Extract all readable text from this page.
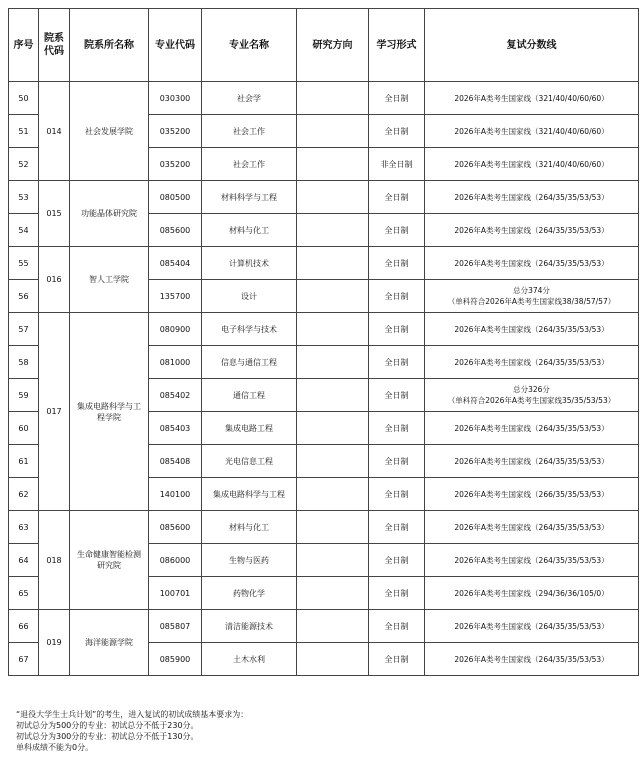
序号	院系代码	院系所名称	专业代码	专业名称	研究方向	学习形式	复试分数线
50	014	社会发展学院	030300	社会学		全日制	2026年A类考生国家线（321/40/40/60/60）
51			035200	社会工作		全日制	2026年A类考生国家线（321/40/40/60/60）
52			035200	社会工作		非全日制	2026年A类考生国家线（321/40/40/60/60）
53	015	功能晶体研究院	080500	材料科学与工程		全日制	2026年A类考生国家线（264/35/35/53/53）
54			085600	材料与化工		全日制	2026年A类考生国家线（264/35/35/53/53）
55	016	智人工学院	085404	计算机技术		全日制	2026年A类考生国家线（264/35/35/53/53）
56			135700	设计		全日制	总分374分
（单科符合2026年A类考生国家线38/38/57/57）

57	017	集成电路科学与工程学院	080900	电子科学与技术		全日制	2026年A类考生国家线（264/35/35/53/53）
58			081000	信息与通信工程		全日制	2026年A类考生国家线（264/35/35/53/53）
59			085402	通信工程		全日制	总分326分
（单科符合2026年A类考生国家线35/35/53/53）

60			085403	集成电路工程		全日制	2026年A类考生国家线（264/35/35/53/53）
61			085408	光电信息工程		全日制	2026年A类考生国家线（264/35/35/53/53）
62			140100	集成电路科学与工程		全日制	2026年A类考生国家线（266/35/35/53/53）
63	018	生命健康智能检测研究院	085600	材料与化工		全日制	2026年A类考生国家线（264/35/35/53/53）
64			086000	生物与医药		全日制	2026年A类考生国家线（264/35/35/53/53）
65			100701	药物化学		全日制	2026年A类考生国家线（294/36/36/105/0）
66	019	海洋能源学院	085807	清洁能源技术		全日制	2026年A类考生国家线（264/35/35/53/53）
67			085900	土木水利		全日制	2026年A类考生国家线（264/35/35/53/53）
“退役大学生士兵计划”的考生，进入复试的初试成绩基本要求为：
初试总分为500分的专业：初试总分不低于230分。
初试总分为300分的专业：初试总分不低于130分。
单科成绩不能为0分。
